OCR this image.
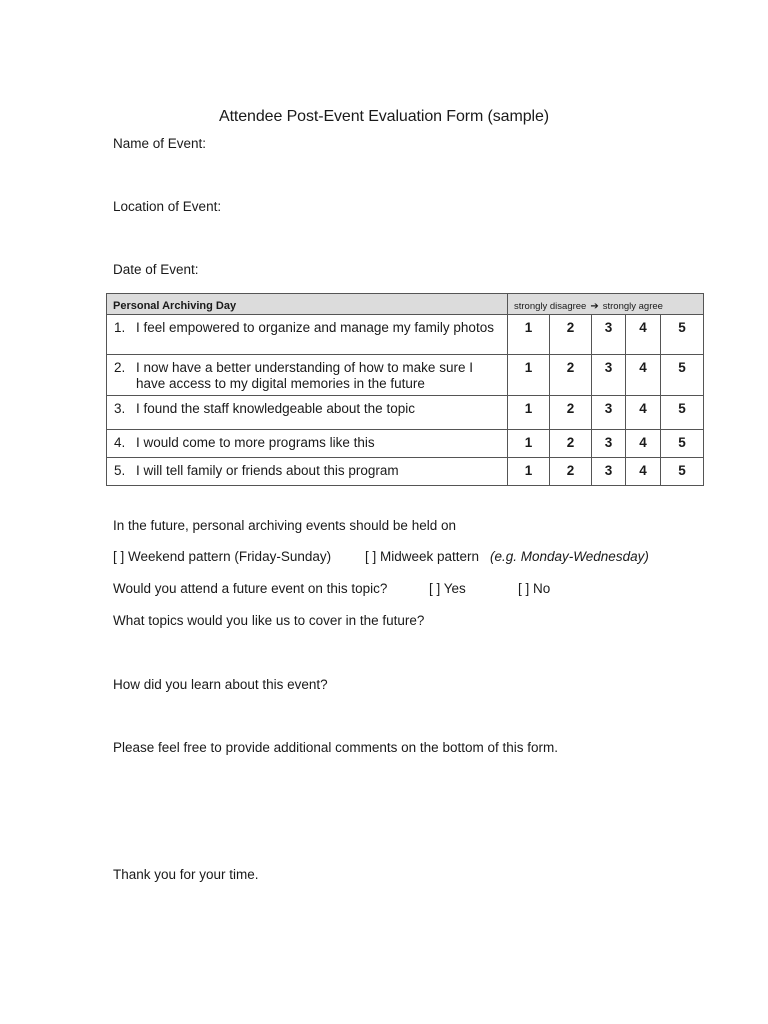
Attendee Post-Event Evaluation Form (sample)
Name of Event:
Location of Event:
Date of Event:
Personal Archiving Day	strongly disagree ➔ strongly agree				

1. I feel empowered to organize and manage my family photos	1	2	3	4	5

2. I now have a better understanding of how to make sure I have access to my digital memories in the future	1	2	3	4	5

3. I found the staff knowledgeable about the topic	1	2	3	4	5

4. I would come to more programs like this	1	2	3	4	5

5. I will tell family or friends about this program	1	2	3	4	5
In the future, personal archiving events should be held on
[ ] Weekend pattern (Friday-Sunday)	[ ] Midweek pattern (e.g. Monday-Wednesday)
Would you attend a future event on this topic?	[ ] Yes	[ ] No
What topics would you like us to cover in the future?
How did you learn about this event?
Please feel free to provide additional comments on the bottom of this form.
Thank you for your time.
